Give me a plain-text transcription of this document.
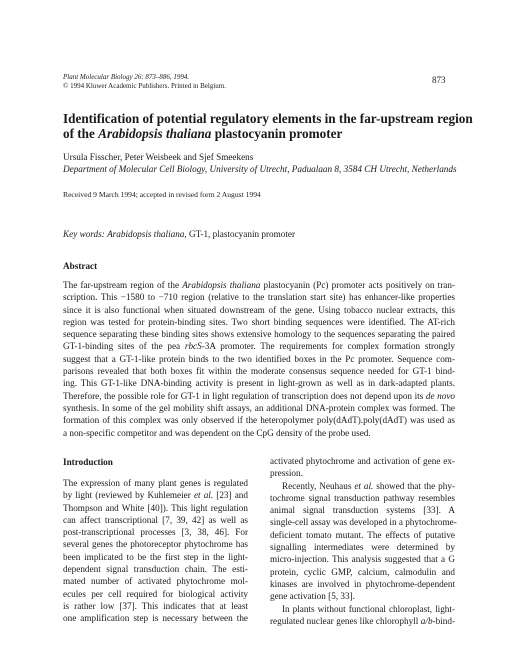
Plant Molecular Biology 26: 873–886, 1994.
© 1994 Kluwer Academic Publishers. Printed in Belgium.
873
Identification of potential regulatory elements in the far-upstream region
of the Arabidopsis thaliana plastocyanin promoter
Ursula Fisscher, Peter Weisbeek and Sjef Smeekens
Department of Molecular Cell Biology, University of Utrecht, Padualaan 8, 3584 CH Utrecht, Netherlands
Received 9 March 1994; accepted in revised form 2 August 1994
Key words: Arabidopsis thaliana, GT-1, plastocyanin promoter
Abstract
The far-upstream region of the Arabidopsis thaliana plastocyanin (Pc) promoter acts positively on tran-
scription. This −1580 to −710 region (relative to the translation start site) has enhancer-like properties
since it is also functional when situated downstream of the gene. Using tobacco nuclear extracts, this
region was tested for protein-binding sites. Two short binding sequences were identified. The AT-rich
sequence separating these binding sites shows extensive homology to the sequences separating the paired
GT-1-binding sites of the pea rbcS-3A promoter. The requirements for complex formation strongly
suggest that a GT-1-like protein binds to the two identified boxes in the Pc promoter. Sequence com-
parisons revealed that both boxes fit within the moderate consensus sequence needed for GT-1 bind-
ing. This GT-1-like DNA-binding activity is present in light-grown as well as in dark-adapted plants.
Therefore, the possible role for GT-1 in light regulation of transcription does not depend upon its de novo
synthesis. In some of the gel mobility shift assays, an additional DNA-protein complex was formed. The
formation of this complex was only observed if the heteropolymer poly(dAdT).poly(dAdT) was used as
a non-specific competitor and was dependent on the CpG density of the probe used.
Introduction
The expression of many plant genes is regulated
by light (reviewed by Kuhlemeier et al. [23] and
Thompson and White [40]). This light regulation
can affect transcriptional [7, 39, 42] as well as
post-transcriptional processes [3, 38, 46]. For
several genes the photoreceptor phytochrome has
been implicated to be the first step in the light-
dependent signal transduction chain. The esti-
mated number of activated phytochrome mol-
ecules per cell required for biological activity
is rather low [37]. This indicates that at least
one amplification step is necessary between the
activated phytochrome and activation of gene ex-
pression.
Recently, Neuhaus et al. showed that the phy-
tochrome signal transduction pathway resembles
animal signal transduction systems [33]. A
single-cell assay was developed in a phytochrome-
deficient tomato mutant. The effects of putative
signalling intermediates were determined by
micro-injection. This analysis suggested that a G
protein, cyclic GMP, calcium, calmodulin and
kinases are involved in phytochrome-dependent
gene activation [5, 33].
In plants without functional chloroplast, light-
regulated nuclear genes like chlorophyll a/b-bind-
